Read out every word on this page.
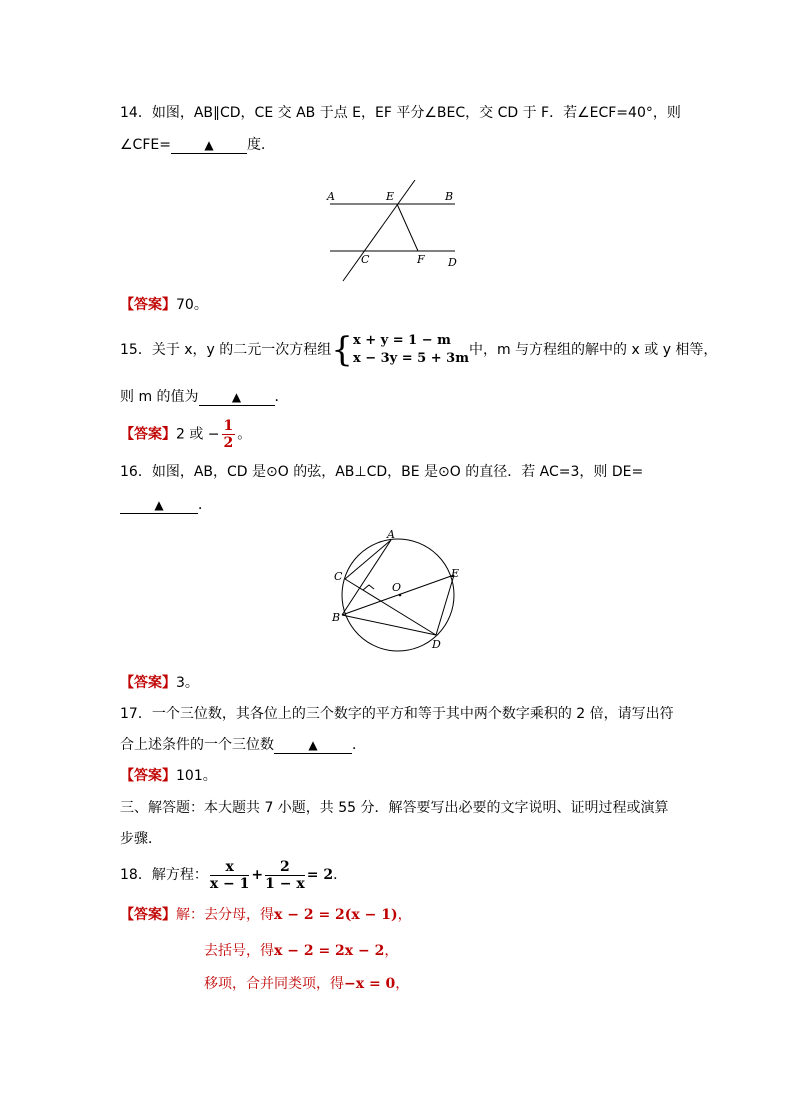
14．如图，AB∥CD，CE 交 AB 于点 E，EF 平分∠BEC，交 CD 于 F．若∠ECF=40°，则
∠CFE=	▲ 度．
A	E	B
C	F D
【答案】70。
15．关于 x，y 的二元一次方程组{ x + y = 1 − m
x − 3y = 5 + 3m
中，m 与方程组的解中的 x 或 y 相等，
则 m 的值为	▲ ．
【答案】2 或 − $\frac{1}{2}$ 。
16．如图，AB，CD 是⊙O 的弦，AB⊥CD，BE 是⊙O 的直径．若 AC=3，则 DE=
▲ ．
A
C
O
E
B
D
【答案】3。
17．一个三位数，其各位上的三个数字的平方和等于其中两个数字乘积的 2 倍，请写出符
合上述条件的一个三位数	▲ ．
【答案】101。
三、解答题：本大题共 7 小题，共 55 分．解答要写出必要的文字说明、证明过程或演算
步骤．
18．解方程： $\frac{x}{x - 1} + \frac{2}{1 - x} = 2$．
【答案】解：去分母，得x − 2 = 2(x − 1)，
去括号，得x − 2 = 2x − 2，
移项，合并同类项，得−x = 0，
